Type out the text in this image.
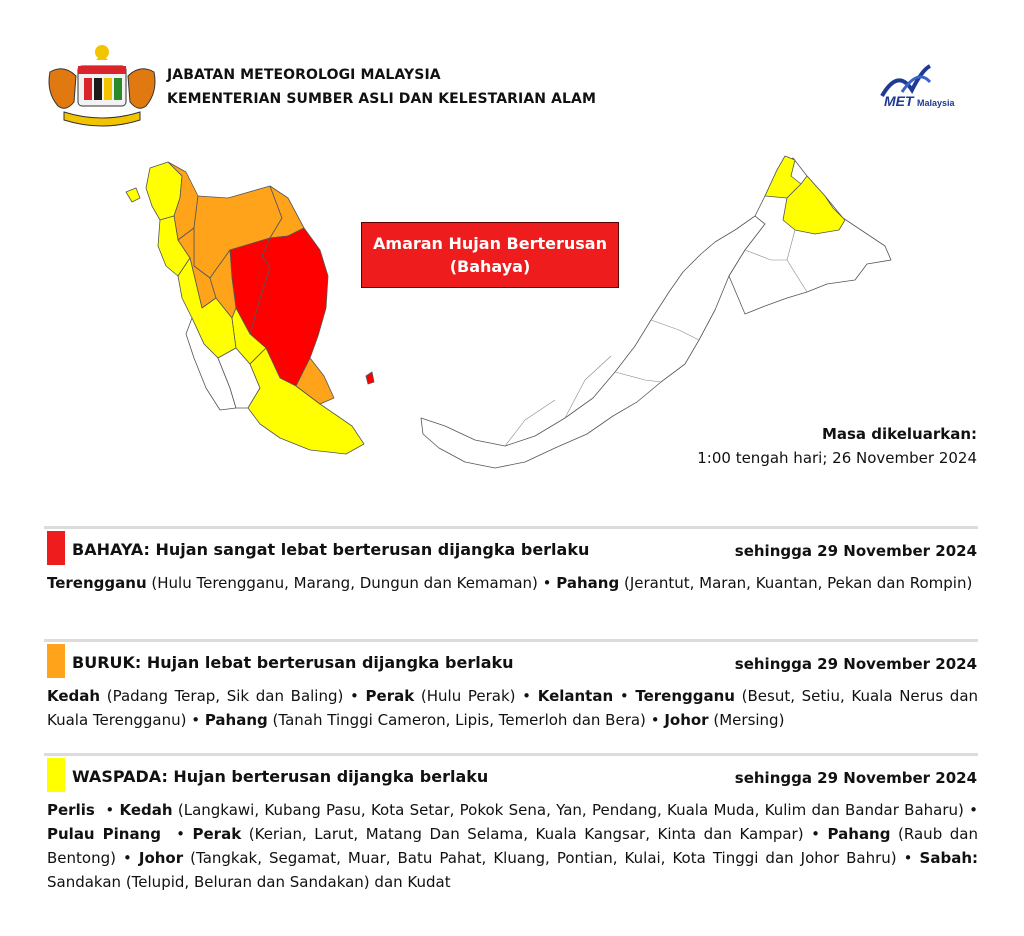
JABATAN METEOROLOGI MALAYSIA
KEMENTERIAN SUMBER ASLI DAN KELESTARIAN ALAM	MET Malaysia
Amaran Hujan Berterusan
(Bahaya)
Masa dikeluarkan:
1:00 tengah hari; 26 November 2024
BAHAYA: Hujan sangat lebat berterusan dijangka berlaku	sehingga 29 November 2024
Terengganu (Hulu Terengganu, Marang, Dungun dan Kemaman) • Pahang (Jerantut, Maran, Kuantan, Pekan dan Rompin)
BURUK: Hujan lebat berterusan dijangka berlaku	sehingga 29 November 2024
Kedah (Padang Terap, Sik dan Baling) • Perak (Hulu Perak) • Kelantan • Terengganu (Besut, Setiu, Kuala Nerus dan Kuala Terengganu) • Pahang (Tanah Tinggi Cameron, Lipis, Temerloh dan Bera) • Johor (Mersing)
WASPADA: Hujan berterusan dijangka berlaku	sehingga 29 November 2024
Perlis  • Kedah (Langkawi, Kubang Pasu, Kota Setar, Pokok Sena, Yan, Pendang, Kuala Muda, Kulim dan Bandar Baharu) • Pulau Pinang  • Perak (Kerian, Larut, Matang Dan Selama, Kuala Kangsar, Kinta dan Kampar) • Pahang (Raub dan Bentong) • Johor (Tangkak, Segamat, Muar, Batu Pahat, Kluang, Pontian, Kulai, Kota Tinggi dan Johor Bahru) • Sabah: Sandakan (Telupid, Beluran dan Sandakan) dan Kudat
